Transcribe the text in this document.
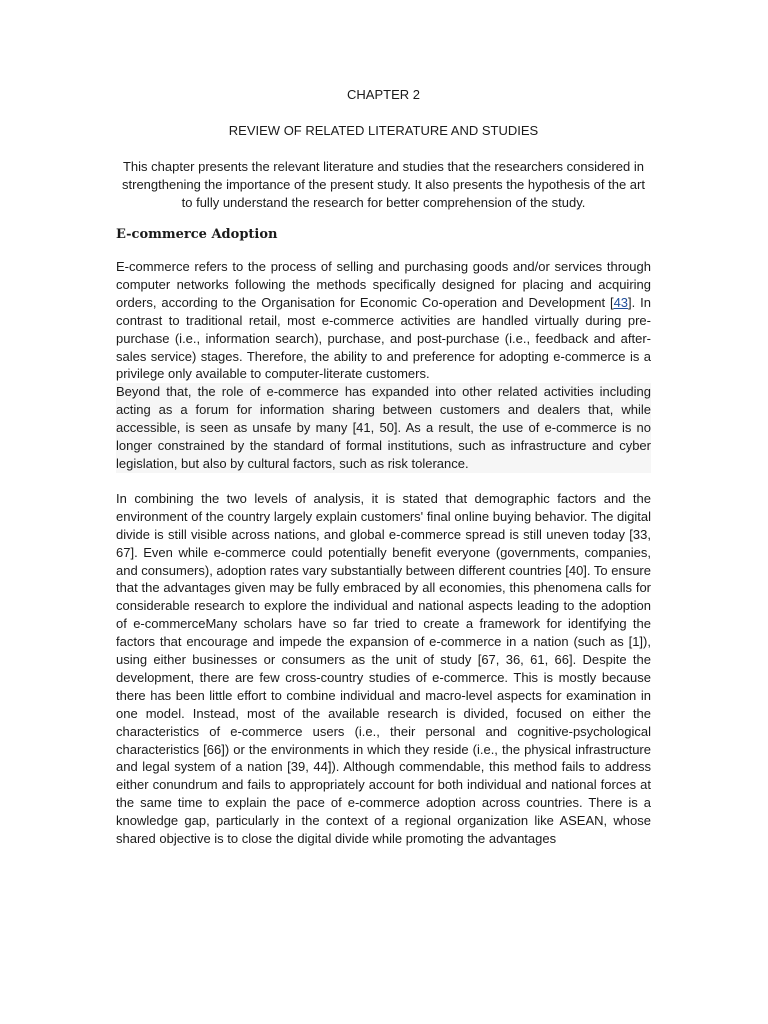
CHAPTER 2

REVIEW OF RELATED LITERATURE AND STUDIES

This chapter presents the relevant literature and studies that the researchers considered in strengthening the importance of the present study. It also presents the hypothesis of the art to fully understand the research for better comprehension of the study.

E-commerce Adoption

E-commerce refers to the process of selling and purchasing goods and/or services through computer networks following the methods specifically designed for placing and acquiring orders, according to the Organisation for Economic Co-operation and Development [43]. In contrast to traditional retail, most e-commerce activities are handled virtually during pre-purchase (i.e., information search), purchase, and post-purchase (i.e., feedback and after-sales service) stages. Therefore, the ability to and preference for adopting e-commerce is a privilege only available to computer-literate customers.

Beyond that, the role of e-commerce has expanded into other related activities including acting as a forum for information sharing between customers and dealers that, while accessible, is seen as unsafe by many [41, 50]. As a result, the use of e-commerce is no longer constrained by the standard of formal institutions, such as infrastructure and cyber legislation, but also by cultural factors, such as risk tolerance.

In combining the two levels of analysis, it is stated that demographic factors and the environment of the country largely explain customers' final online buying behavior. The digital divide is still visible across nations, and global e-commerce spread is still uneven today [33, 67]. Even while e-commerce could potentially benefit everyone (governments, companies, and consumers), adoption rates vary substantially between different countries [40]. To ensure that the advantages given may be fully embraced by all economies, this phenomena calls for considerable research to explore the individual and national aspects leading to the adoption of e-commerceMany scholars have so far tried to create a framework for identifying the factors that encourage and impede the expansion of e-commerce in a nation (such as [1]), using either businesses or consumers as the unit of study [67, 36, 61, 66]. Despite the development, there are few cross-country studies of e-commerce. This is mostly because there has been little effort to combine individual and macro-level aspects for examination in one model. Instead, most of the available research is divided, focused on either the characteristics of e-commerce users (i.e., their personal and cognitive-psychological characteristics [66]) or the environments in which they reside (i.e., the physical infrastructure and legal system of a nation [39, 44]). Although commendable, this method fails to address either conundrum and fails to appropriately account for both individual and national forces at the same time to explain the pace of e-commerce adoption across countries. There is a knowledge gap, particularly in the context of a regional organization like ASEAN, whose shared objective is to close the digital divide while promoting the advantages
